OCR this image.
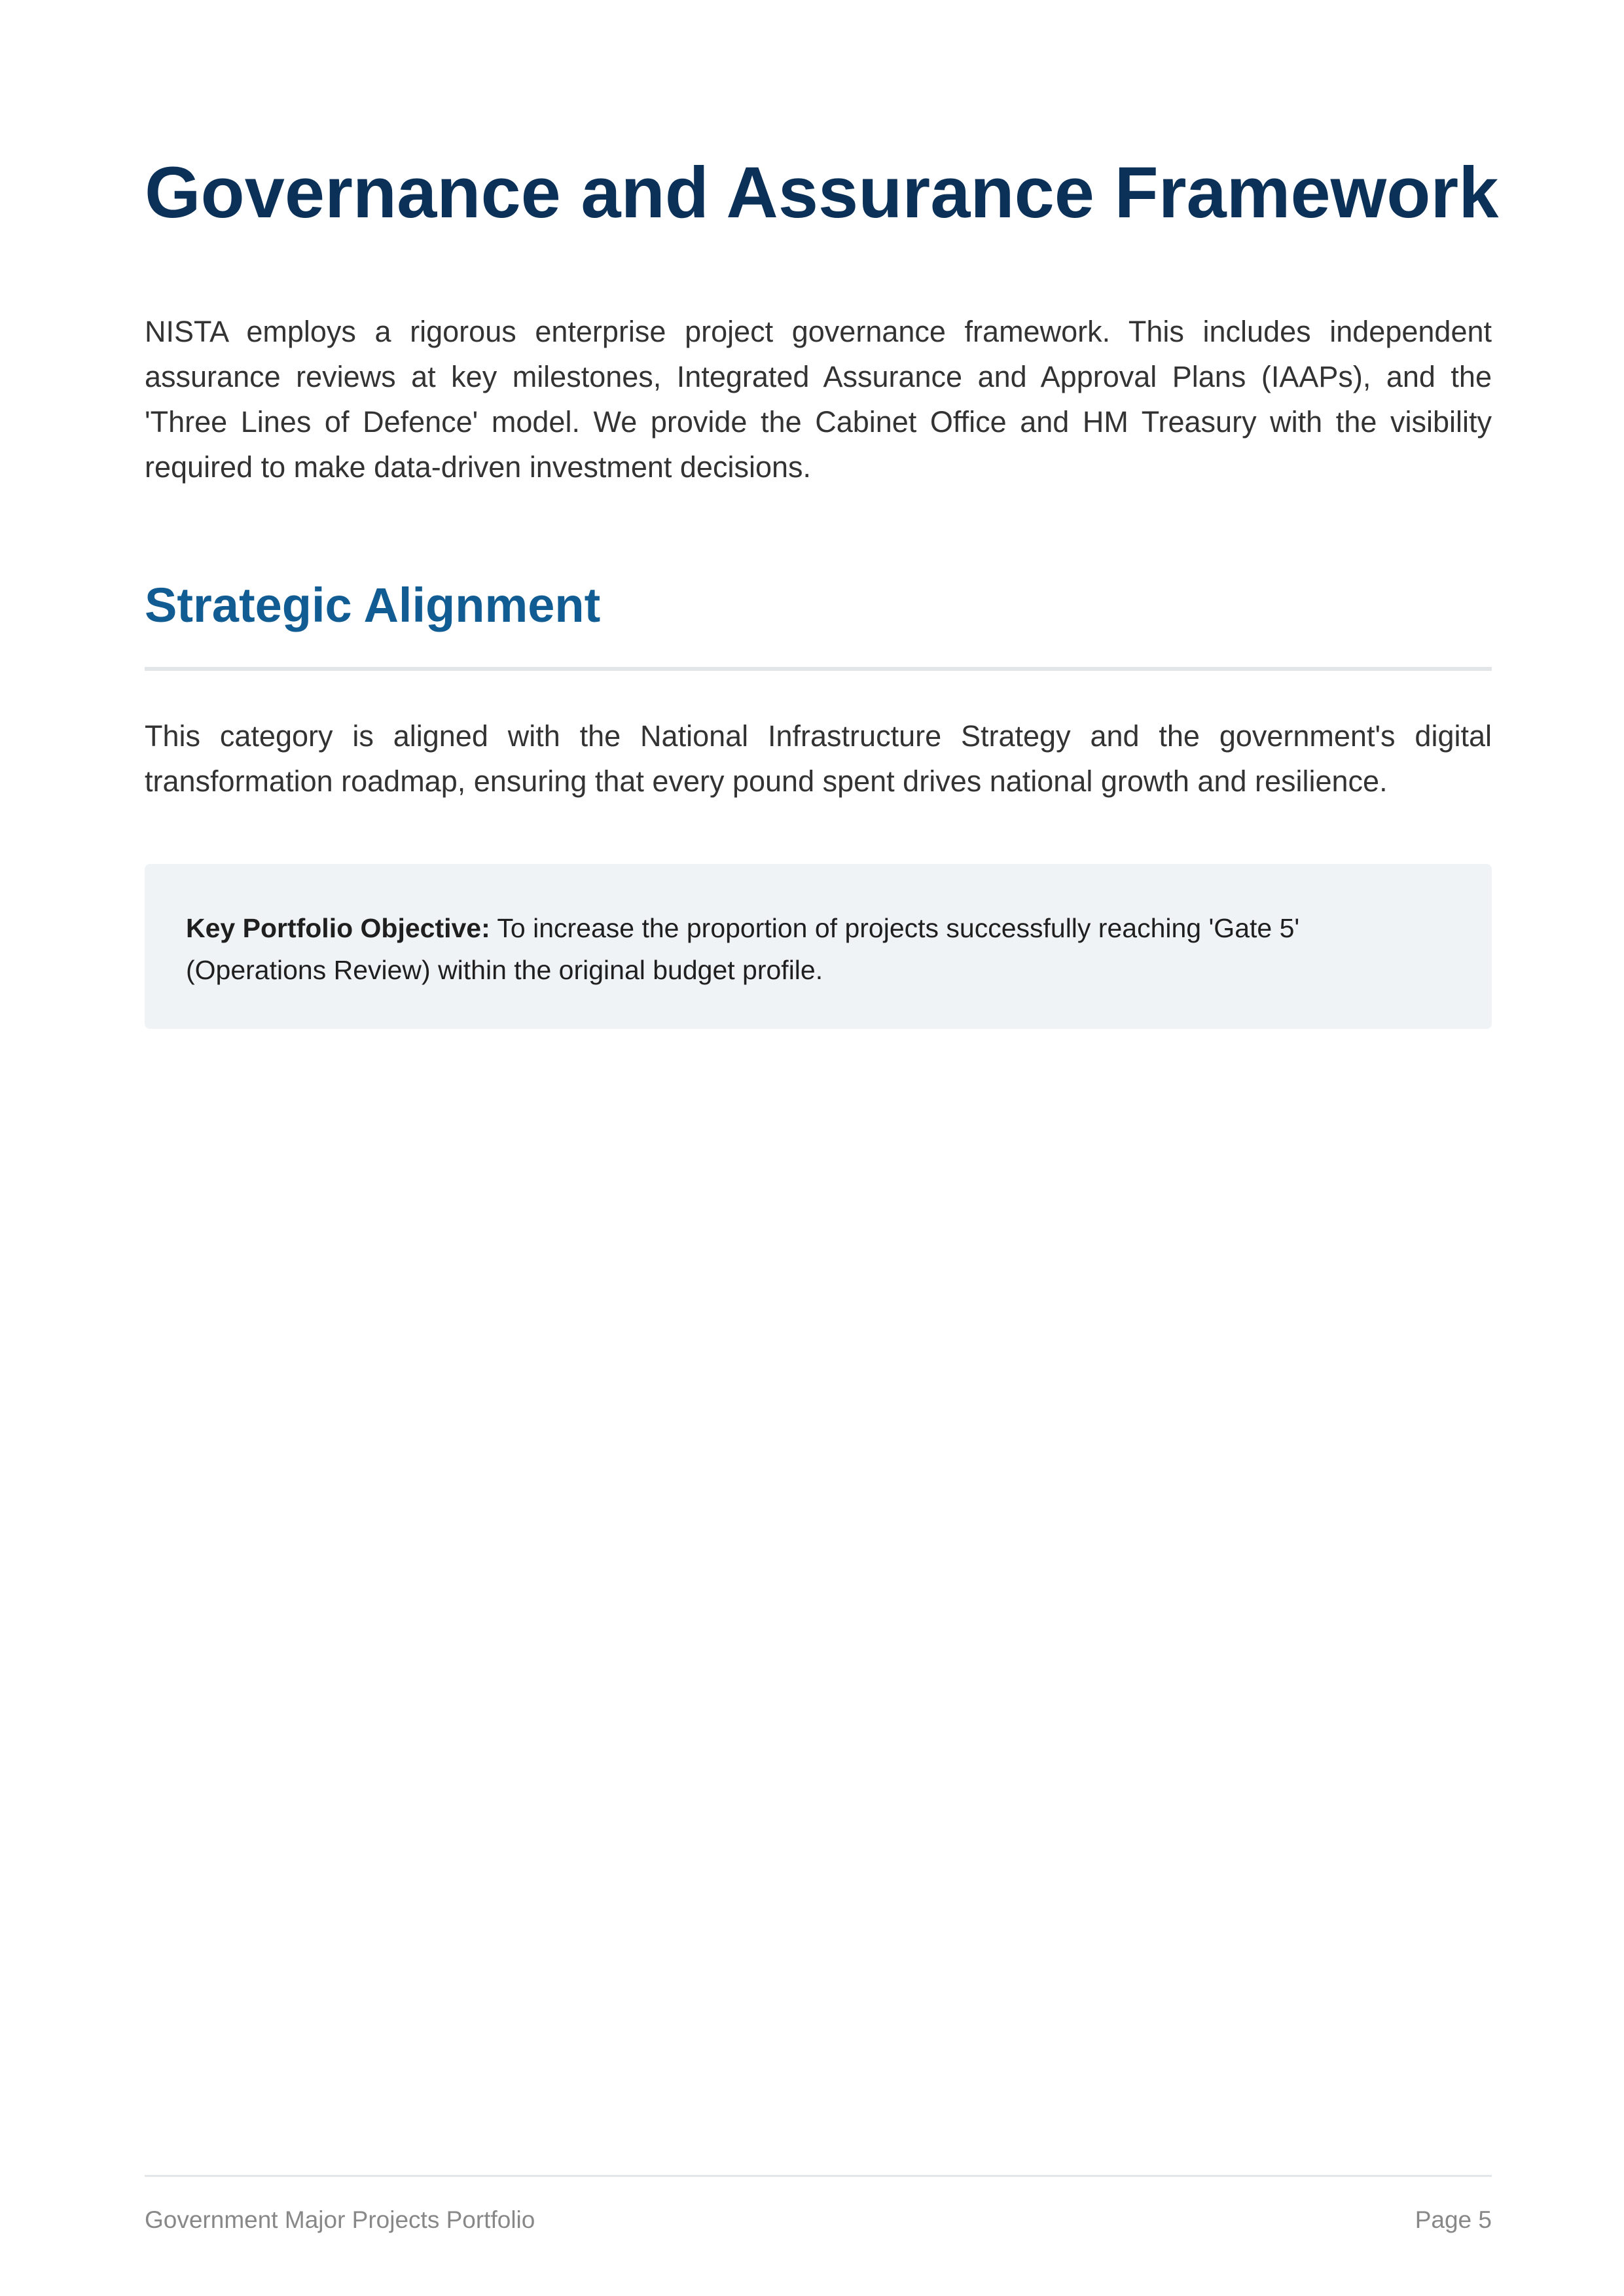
Governance and Assurance Framework

NISTA employs a rigorous enterprise project governance framework. This includes independent assurance reviews at key milestones, Integrated Assurance and Approval Plans (IAAPs), and the 'Three Lines of Defence' model. We provide the Cabinet Office and HM Treasury with the visibility required to make data-driven investment decisions.

Strategic Alignment

This category is aligned with the National Infrastructure Strategy and the government's digital transformation roadmap, ensuring that every pound spent drives national growth and resilience.

Key Portfolio Objective: To increase the proportion of projects successfully reaching 'Gate 5' (Operations Review) within the original budget profile.

Government Major Projects Portfolio	Page 5
